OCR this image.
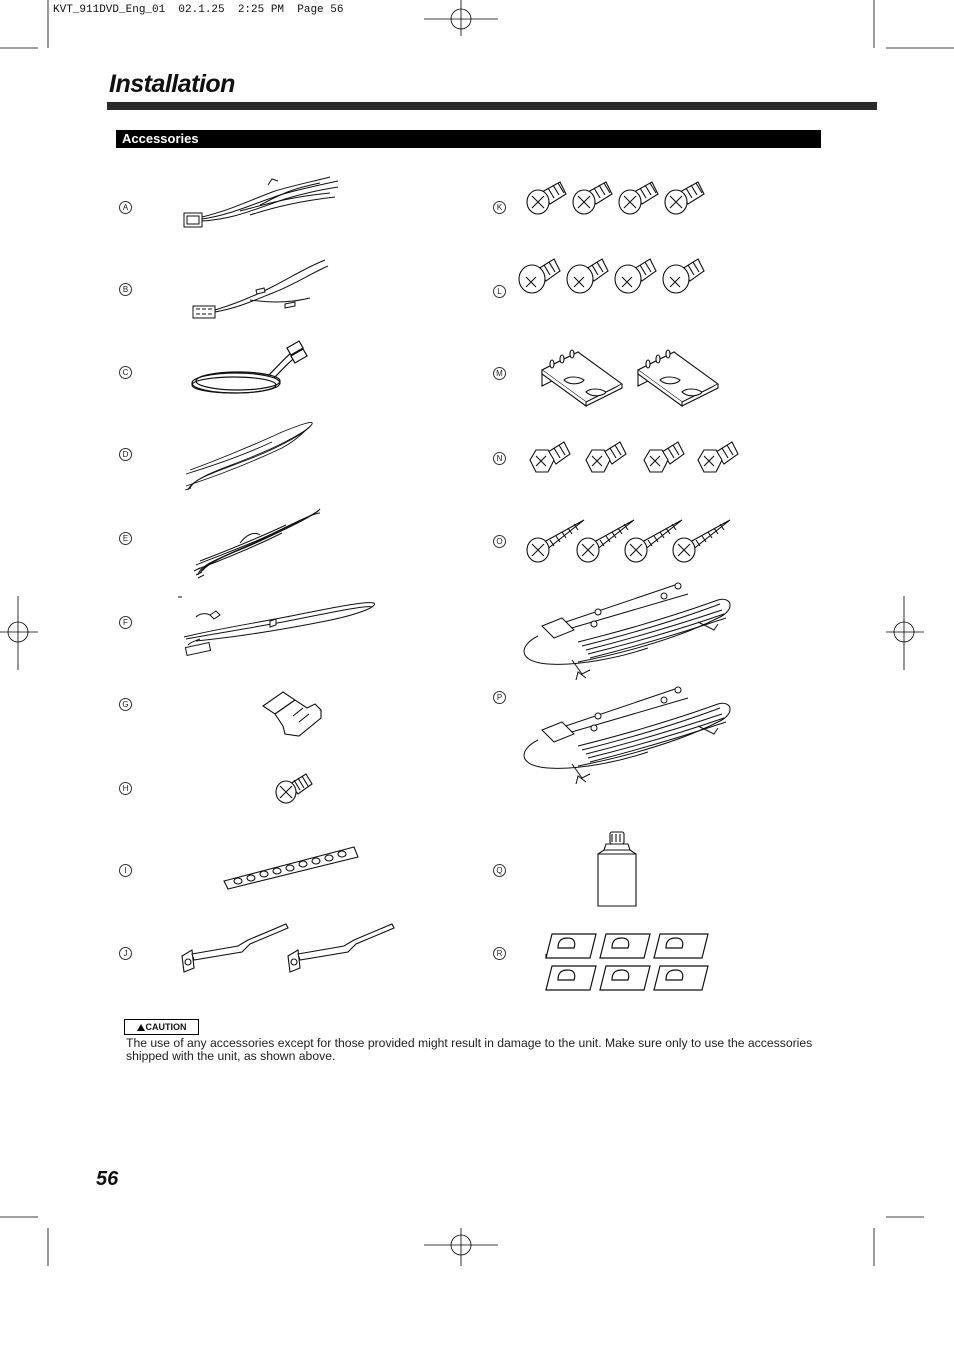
KVT_911DVD_Eng_01  02.1.25  2:25 PM  Page 56
Installation
Accessories
A
B
C
D
E
F
G
H
I
J
K
L
M
N
O
P
Q
R
CAUTION
The use of any accessories except for those provided might result in damage to the unit. Make sure only to use the accessories shipped with the unit, as shown above.
56
